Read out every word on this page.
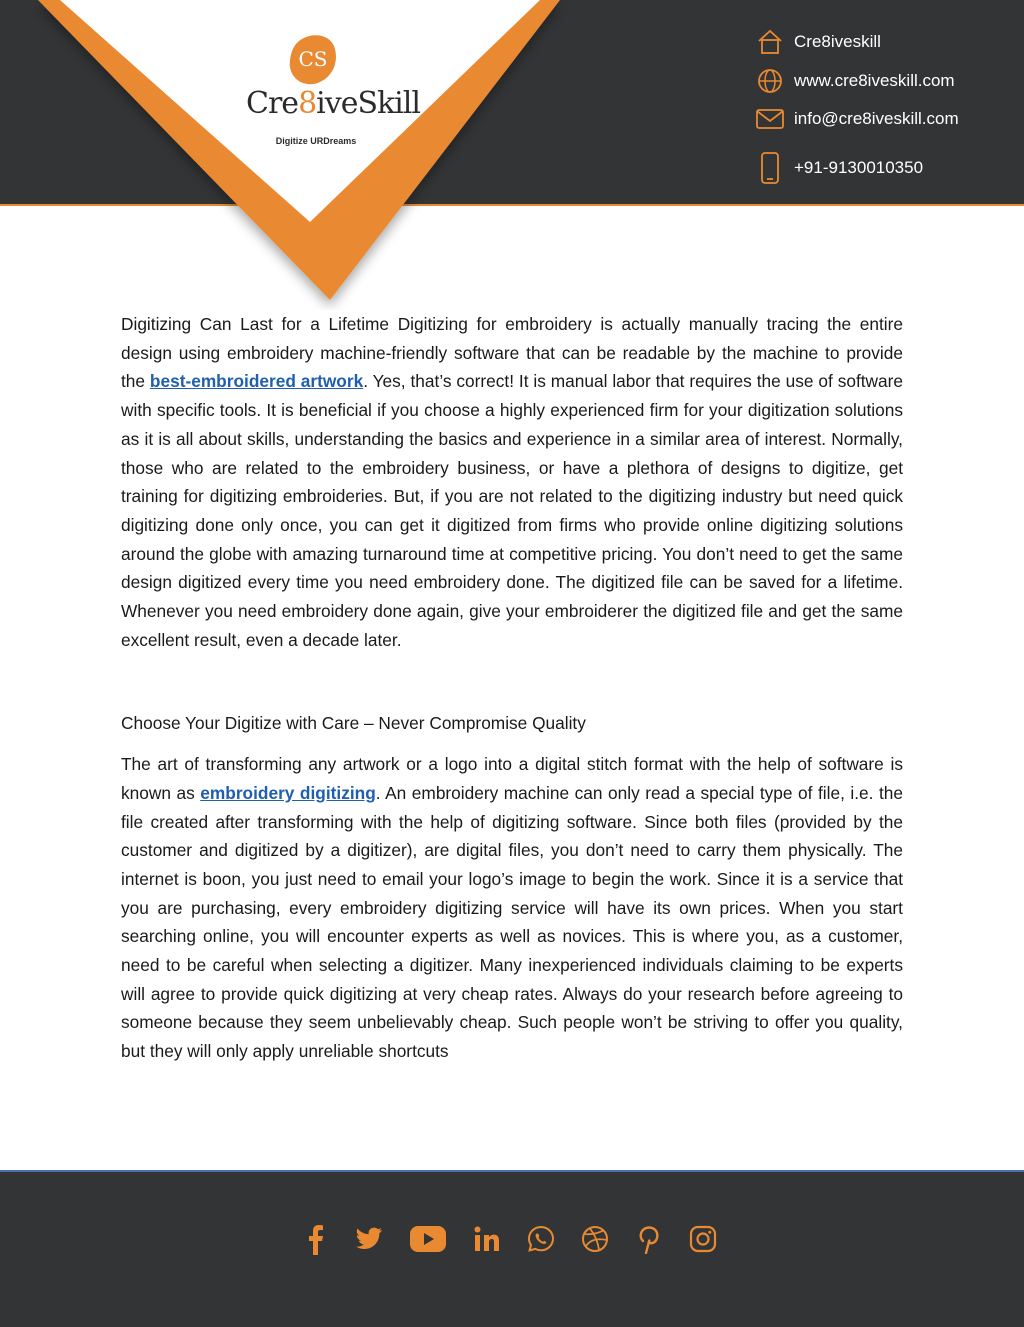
CS
Cre8iveSkill
Digitize URDreams
Cre8iveskill
www.cre8iveskill.com
info@cre8iveskill.com
+91-9130010350

Digitizing Can Last for a Lifetime Digitizing for embroidery is actually manually tracing the entire design using embroidery machine-friendly software that can be readable by the machine to provide the best-embroidered artwork. Yes, that’s correct! It is manual labor that requires the use of software with specific tools. It is beneficial if you choose a highly experienced firm for your digitization solutions as it is all about skills, understanding the basics and experience in a similar area of interest. Normally, those who are related to the embroidery business, or have a plethora of designs to digitize, get training for digitizing embroideries. But, if you are not related to the digitizing industry but need quick digitizing done only once, you can get it digitized from firms who provide online digitizing solutions around the globe with amazing turnaround time at competitive pricing. You don’t need to get the same design digitized every time you need embroidery done. The digitized file can be saved for a lifetime. Whenever you need embroidery done again, give your embroiderer the digitized file and get the same excellent result, even a decade later.

Choose Your Digitize with Care – Never Compromise Quality

The art of transforming any artwork or a logo into a digital stitch format with the help of software is known as embroidery digitizing. An embroidery machine can only read a special type of file, i.e. the file created after transforming with the help of digitizing software. Since both files (provided by the customer and digitized by a digitizer), are digital files, you don’t need to carry them physically. The internet is boon, you just need to email your logo’s image to begin the work. Since it is a service that you are purchasing, every embroidery digitizing service will have its own prices. When you start searching online, you will encounter experts as well as novices. This is where you, as a customer, need to be careful when selecting a digitizer. Many inexperienced individuals claiming to be experts will agree to provide quick digitizing at very cheap rates. Always do your research before agreeing to someone because they seem unbelievably cheap. Such people won’t be striving to offer you quality, but they will only apply unreliable shortcuts
